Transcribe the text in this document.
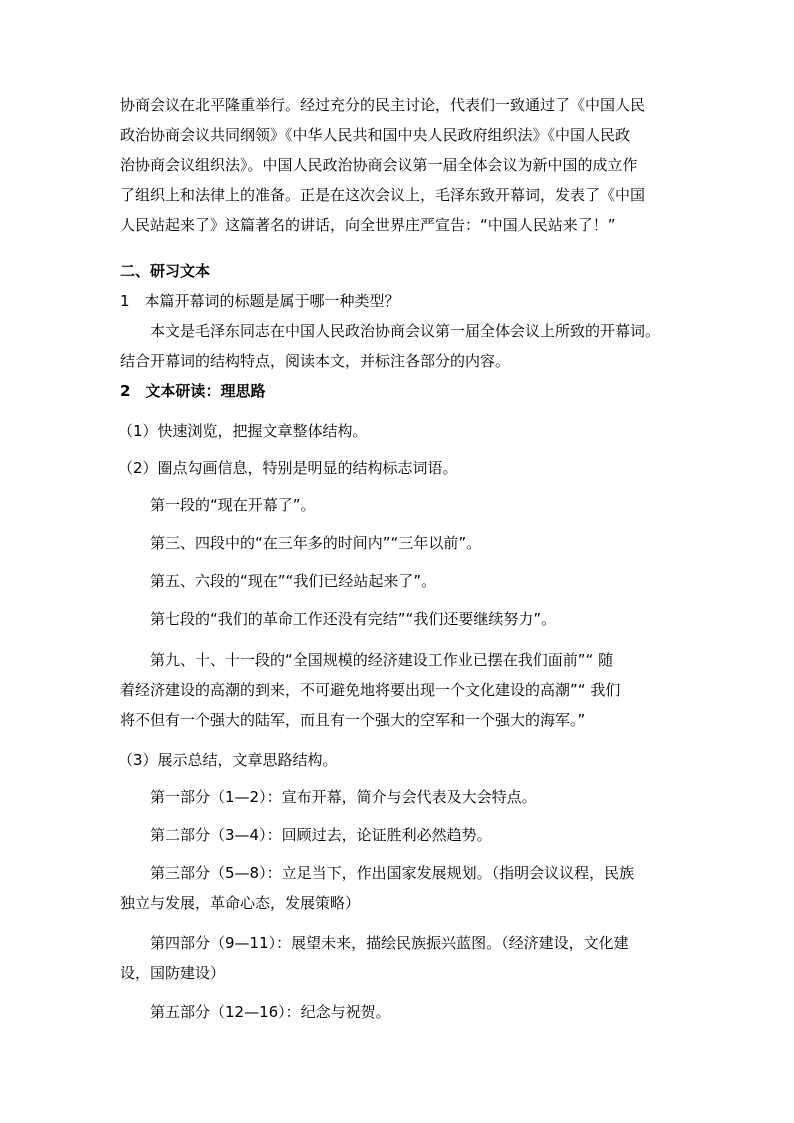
协商会议在北平隆重举行。经过充分的民主讨论，代表们一致通过了《中国人民
政治协商会议共同纲领》《中华人民共和国中央人民政府组织法》《中国人民政
治协商会议组织法》。中国人民政治协商会议第一届全体会议为新中国的成立作
了组织上和法律上的准备。正是在这次会议上，毛泽东致开幕词，发表了《中国
人民站起来了》这篇著名的讲话，向全世界庄严宣告：“中国人民站来了！”
二、研习文本
1　本篇开幕词的标题是属于哪一种类型？
本文是毛泽东同志在中国人民政治协商会议第一届全体会议上所致的开幕词。
结合开幕词的结构特点，阅读本文，并标注各部分的内容。
2　文本研读：理思路
（1）快速浏览，把握文章整体结构。
（2）圈点勾画信息，特别是明显的结构标志词语。
第一段的“现在开幕了”。
第三、四段中的“在三年多的时间内”“三年以前”。
第五、六段的“现在”“我们已经站起来了”。
第七段的“我们的革命工作还没有完结”“我们还要继续努力”。
第九、十、十一段的“全国规模的经济建设工作业已摆在我们面前”“ 随
着经济建设的高潮的到来，不可避免地将要出现一个文化建设的高潮”“ 我们
将不但有一个强大的陆军，而且有一个强大的空军和一个强大的海军。”
（3）展示总结，文章思路结构。
第一部分（1—2）：宣布开幕，简介与会代表及大会特点。
第二部分（3—4）：回顾过去，论证胜利必然趋势。
第三部分（5—8）：立足当下，作出国家发展规划。（指明会议议程，民族
独立与发展，革命心态，发展策略）
第四部分（9—11）：展望未来，描绘民族振兴蓝图。（经济建设，文化建
设，国防建设）
第五部分（12—16）：纪念与祝贺。
